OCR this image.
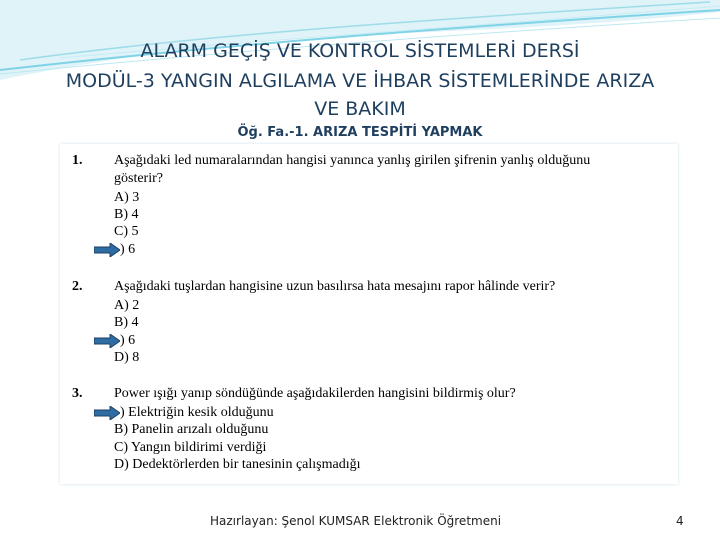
ALARM GEÇİŞ VE KONTROL SİSTEMLERİ DERSİ
MODÜL-3 YANGIN ALGILAMA VE İHBAR SİSTEMLERİNDE ARIZA
VE BAKIM
Öğ. Fa.-1. ARIZA TESPİTİ YAPMAK
1. Aşağıdaki led numaralarından hangisi yanınca yanlış girilen şifrenin yanlış olduğunu
gösterir?
A) 3
B) 4
C) 5
) 6
2. Aşağıdaki tuşlardan hangisine uzun basılırsa hata mesajını rapor hâlinde verir?
A) 2
B) 4
) 6
D) 8
3. Power ışığı yanıp söndüğünde aşağıdakilerden hangisini bildirmiş olur?
) Elektriğin kesik olduğunu
B) Panelin arızalı olduğunu
C) Yangın bildirimi verdiği
D) Dedektörlerden bir tanesinin çalışmadığı
Hazırlayan: Şenol KUMSAR Elektronik Öğretmeni	4
